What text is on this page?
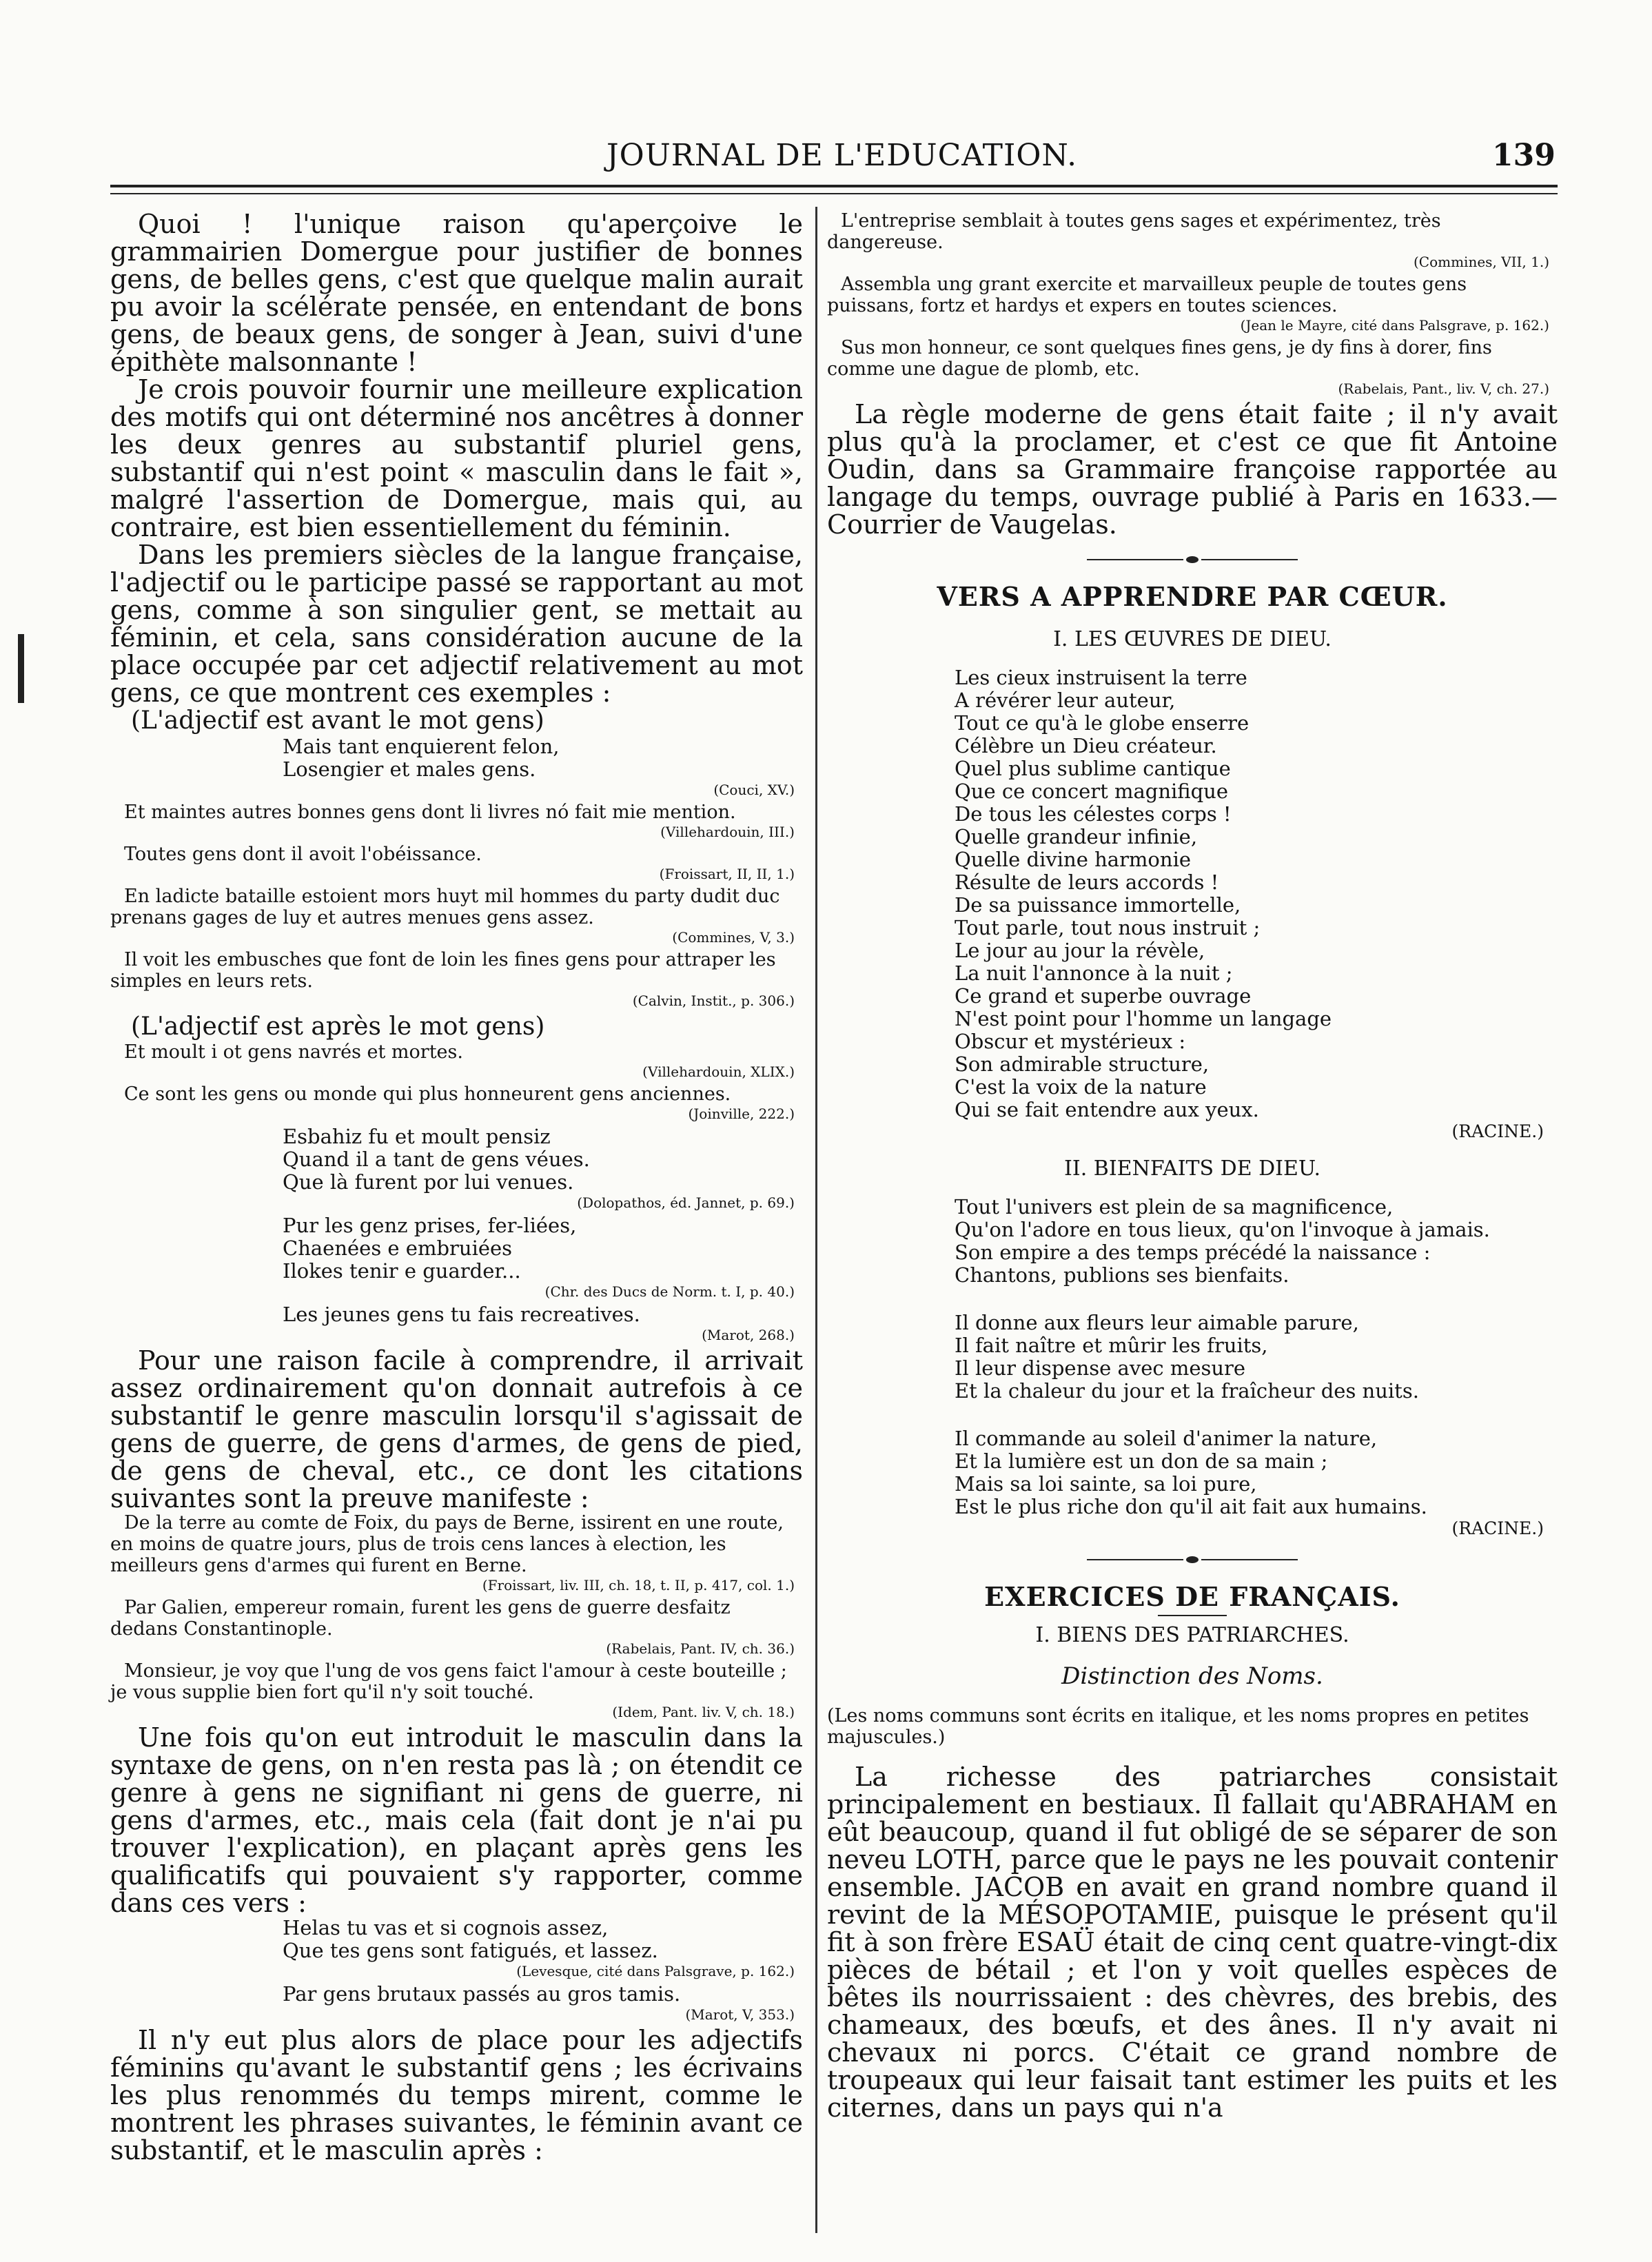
JOURNAL DE L'EDUCATION.	139

Quoi ! l'unique raison qu'aperçoive le grammairien Domergue pour justifier de bonnes gens, de belles gens, c'est que quelque malin aurait pu avoir la scélérate pensée, en entendant de bons gens, de beaux gens, de songer à Jean, suivi d'une épithète malsonnante !

Je crois pouvoir fournir une meilleure explication des motifs qui ont déterminé nos ancêtres à donner les deux genres au substantif pluriel gens, substantif qui n'est point « masculin dans le fait », malgré l'assertion de Domergue, mais qui, au contraire, est bien essentiellement du féminin.

Dans les premiers siècles de la langue française, l'adjectif ou le participe passé se rapportant au mot gens, comme à son singulier gent, se mettait au féminin, et cela, sans considération aucune de la place occupée par cet adjectif relativement au mot gens, ce que montrent ces exemples :

(L'adjectif est avant le mot gens)

Mais tant enquierent felon,

Losengier et males gens.

(Couci, XV.)

Et maintes autres bonnes gens dont li livres nó fait mie mention.

(Villehardouin, III.)

Toutes gens dont il avoit l'obéissance.

(Froissart, II, II, 1.)

En ladicte bataille estoient mors huyt mil hommes du party dudit duc prenans gages de luy et autres menues gens assez.

(Commines, V, 3.)

Il voit les embusches que font de loin les fines gens pour attraper les simples en leurs rets.

(Calvin, Instit., p. 306.)

(L'adjectif est après le mot gens)

Et moult i ot gens navrés et mortes.

(Villehardouin, XLIX.)

Ce sont les gens ou monde qui plus honneurent gens anciennes.

(Joinville, 222.)

Esbahiz fu et moult pensiz

Quand il a tant de gens véues.

Que là furent por lui venues.

(Dolopathos, éd. Jannet, p. 69.)

Pur les genz prises, fer-liées,

Chaenées e embruiées

Ilokes tenir e guarder...

(Chr. des Ducs de Norm. t. I, p. 40.)

Les jeunes gens tu fais recreatives.

(Marot, 268.)

Pour une raison facile à comprendre, il arrivait assez ordinairement qu'on donnait autrefois à ce substantif le genre masculin lorsqu'il s'agissait de gens de guerre, de gens d'armes, de gens de pied, de gens de cheval, etc., ce dont les citations suivantes sont la preuve manifeste :

De la terre au comte de Foix, du pays de Berne, issirent en une route, en moins de quatre jours, plus de trois cens lances à election, les meilleurs gens d'armes qui furent en Berne.

(Froissart, liv. III, ch. 18, t. II, p. 417, col. 1.)

Par Galien, empereur romain, furent les gens de guerre desfaitz dedans Constantinople.

(Rabelais, Pant. IV, ch. 36.)

Monsieur, je voy que l'ung de vos gens faict l'amour à ceste bouteille ; je vous supplie bien fort qu'il n'y soit touché.

(Idem, Pant. liv. V, ch. 18.)

Une fois qu'on eut introduit le masculin dans la syntaxe de gens, on n'en resta pas là ; on étendit ce genre à gens ne signifiant ni gens de guerre, ni gens d'armes, etc., mais cela (fait dont je n'ai pu trouver l'explication), en plaçant après gens les qualificatifs qui pouvaient s'y rapporter, comme dans ces vers :

Helas tu vas et si cognois assez,

Que tes gens sont fatigués, et lassez.

(Levesque, cité dans Palsgrave, p. 162.)

Par gens brutaux passés au gros tamis.

(Marot, V, 353.)

Il n'y eut plus alors de place pour les adjectifs féminins qu'avant le substantif gens ; les écrivains les plus renommés du temps mirent, comme le montrent les phrases suivantes, le féminin avant ce substantif, et le masculin après :

L'entreprise semblait à toutes gens sages et expérimentez, très dangereuse.

(Commines, VII, 1.)

Assembla ung grant exercite et marvailleux peuple de toutes gens puissans, fortz et hardys et expers en toutes sciences.

(Jean le Mayre, cité dans Palsgrave, p. 162.)

Sus mon honneur, ce sont quelques fines gens, je dy fins à dorer, fins comme une dague de plomb, etc.

(Rabelais, Pant., liv. V, ch. 27.)

La règle moderne de gens était faite ; il n'y avait plus qu'à la proclamer, et c'est ce que fit Antoine Oudin, dans sa Grammaire françoise rapportée au langage du temps, ouvrage publié à Paris en 1633.—Courrier de Vaugelas.

VERS A APPRENDRE PAR CŒUR.

I. LES ŒUVRES DE DIEU.

Les cieux instruisent la terre

A révérer leur auteur,

Tout ce qu'à le globe enserre

Célèbre un Dieu créateur.

Quel plus sublime cantique

Que ce concert magnifique

De tous les célestes corps !

Quelle grandeur infinie,

Quelle divine harmonie

Résulte de leurs accords !

De sa puissance immortelle,

Tout parle, tout nous instruit ;

Le jour au jour la révèle,

La nuit l'annonce à la nuit ;

Ce grand et superbe ouvrage

N'est point pour l'homme un langage

Obscur et mystérieux :

Son admirable structure,

C'est la voix de la nature

Qui se fait entendre aux yeux.

(RACINE.)

II. BIENFAITS DE DIEU.

Tout l'univers est plein de sa magnificence,

Qu'on l'adore en tous lieux, qu'on l'invoque à jamais.

Son empire a des temps précédé la naissance :

Chantons, publions ses bienfaits.

Il donne aux fleurs leur aimable parure,

Il fait naître et mûrir les fruits,

Il leur dispense avec mesure

Et la chaleur du jour et la fraîcheur des nuits.

Il commande au soleil d'animer la nature,

Et la lumière est un don de sa main ;

Mais sa loi sainte, sa loi pure,

Est le plus riche don qu'il ait fait aux humains.

(RACINE.)

EXERCICES DE FRANÇAIS.

I. BIENS DES PATRIARCHES.

Distinction des Noms.

(Les noms communs sont écrits en italique, et les noms propres en petites majuscules.)

La richesse des patriarches consistait principalement en bestiaux. Il fallait qu'ABRAHAM en eût beaucoup, quand il fut obligé de se séparer de son neveu LOTH, parce que le pays ne les pouvait contenir ensemble. JACOB en avait en grand nombre quand il revint de la MÉSOPOTAMIE, puisque le présent qu'il fit à son frère ESAÜ était de cinq cent quatre-vingt-dix pièces de bétail ; et l'on y voit quelles espèces de bêtes ils nourrissaient : des chèvres, des brebis, des chameaux, des bœufs, et des ânes. Il n'y avait ni chevaux ni porcs. C'était ce grand nombre de troupeaux qui leur faisait tant estimer les puits et les citernes, dans un pays qui n'a
